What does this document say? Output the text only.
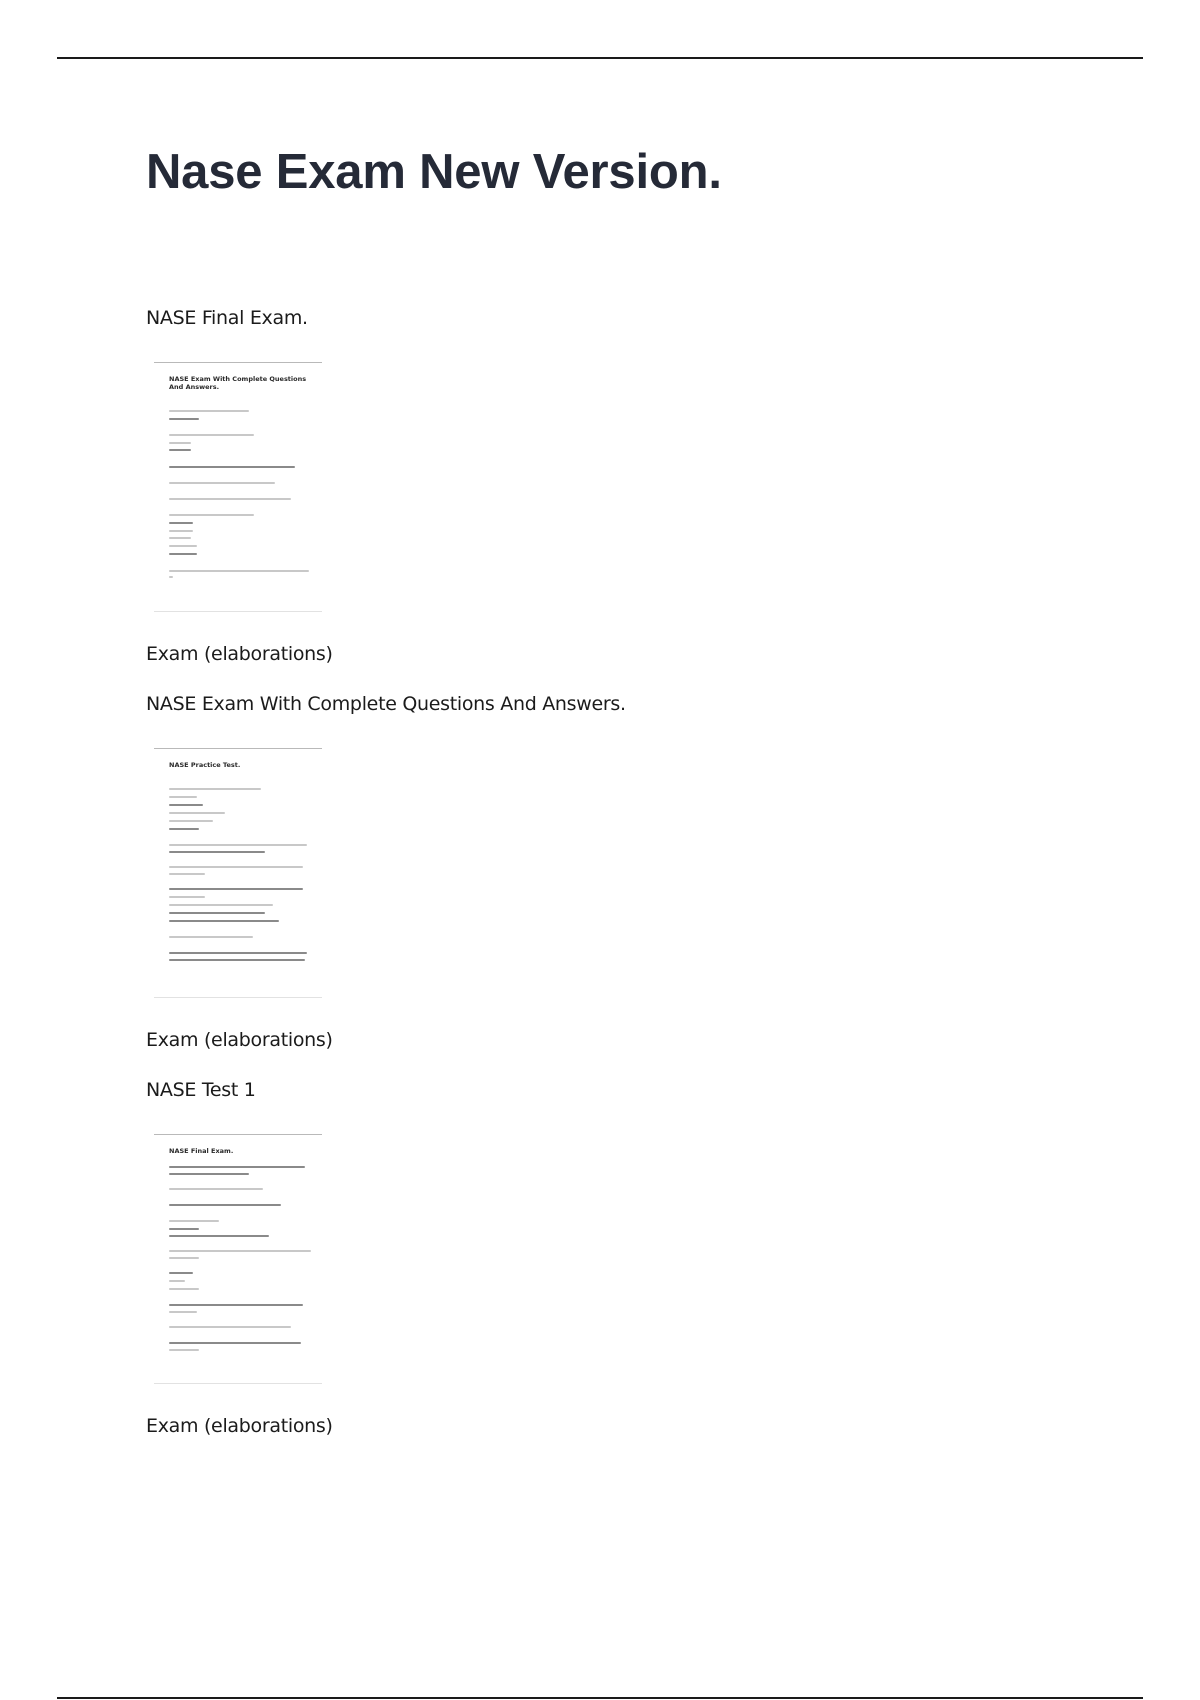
Nase Exam New Version.
NASE Final Exam.
NASE Exam With Complete Questions And Answers.

Exam (elaborations)

NASE Exam With Complete Questions And Answers.
NASE Practice Test.

Exam (elaborations)

NASE Test 1
NASE Final Exam.

Exam (elaborations)
